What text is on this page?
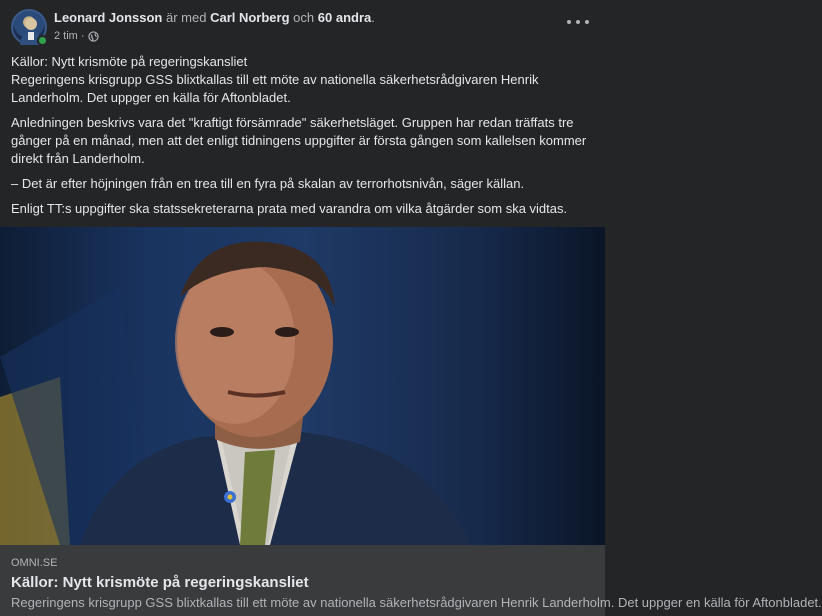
Leonard Jonsson är med Carl Norberg och 60 andra.
2 tim ·

Källor: Nytt krismöte på regeringskansliet
Regeringens krisgrupp GSS blixtkallas till ett möte av nationella säkerhetsrådgivaren Henrik Landerholm. Det uppger en källa för Aftonbladet.

Anledningen beskrivs vara det "kraftigt försämrade" säkerhetsläget. Gruppen har redan träffats tre gånger på en månad, men att det enligt tidningens uppgifter är första gången som kallelsen kommer direkt från Landerholm.

– Det är efter höjningen från en trea till en fyra på skalan av terrorhotsnivån, säger källan.

Enligt TT:s uppgifter ska statssekreterarna prata med varandra om vilka åtgärder som ska vidtas.

OMNI.SE
Källor: Nytt krismöte på regeringskansliet
Regeringens krisgrupp GSS blixtkallas till ett möte av nationella säkerhetsrådgivaren Henrik Landerholm. Det uppger en källa för Aftonbladet.
